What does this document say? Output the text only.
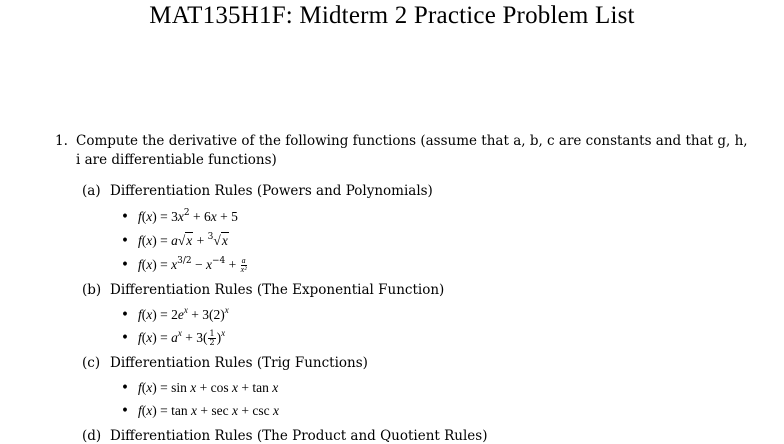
MAT135H1F: Midterm 2 Practice Problem List
1. Compute the derivative of the following functions (assume that a, b, c are constants and that g, h, i are differentiable functions)
(a) Differentiation Rules (Powers and Polynomials)
• $f(x) = 3x^2 + 6x + 5$
• f(x) = a√x + $^3$√x
• $f(x) = x^{3/2} - x^{-4} + \frac{a}{\text{x²}}$
(b) Differentiation Rules (The Exponential Function)
• $f(x) = 2e^x + 3(2)^x$
• $f(x) = a^x + 3( \frac{1}{2} )^x$
(c) Differentiation Rules (Trig Functions)
• f(x) = sin x + cos x + tan x
• f(x) = tan x + sec x + csc x
(d) Differentiation Rules (The Product and Quotient Rules)
